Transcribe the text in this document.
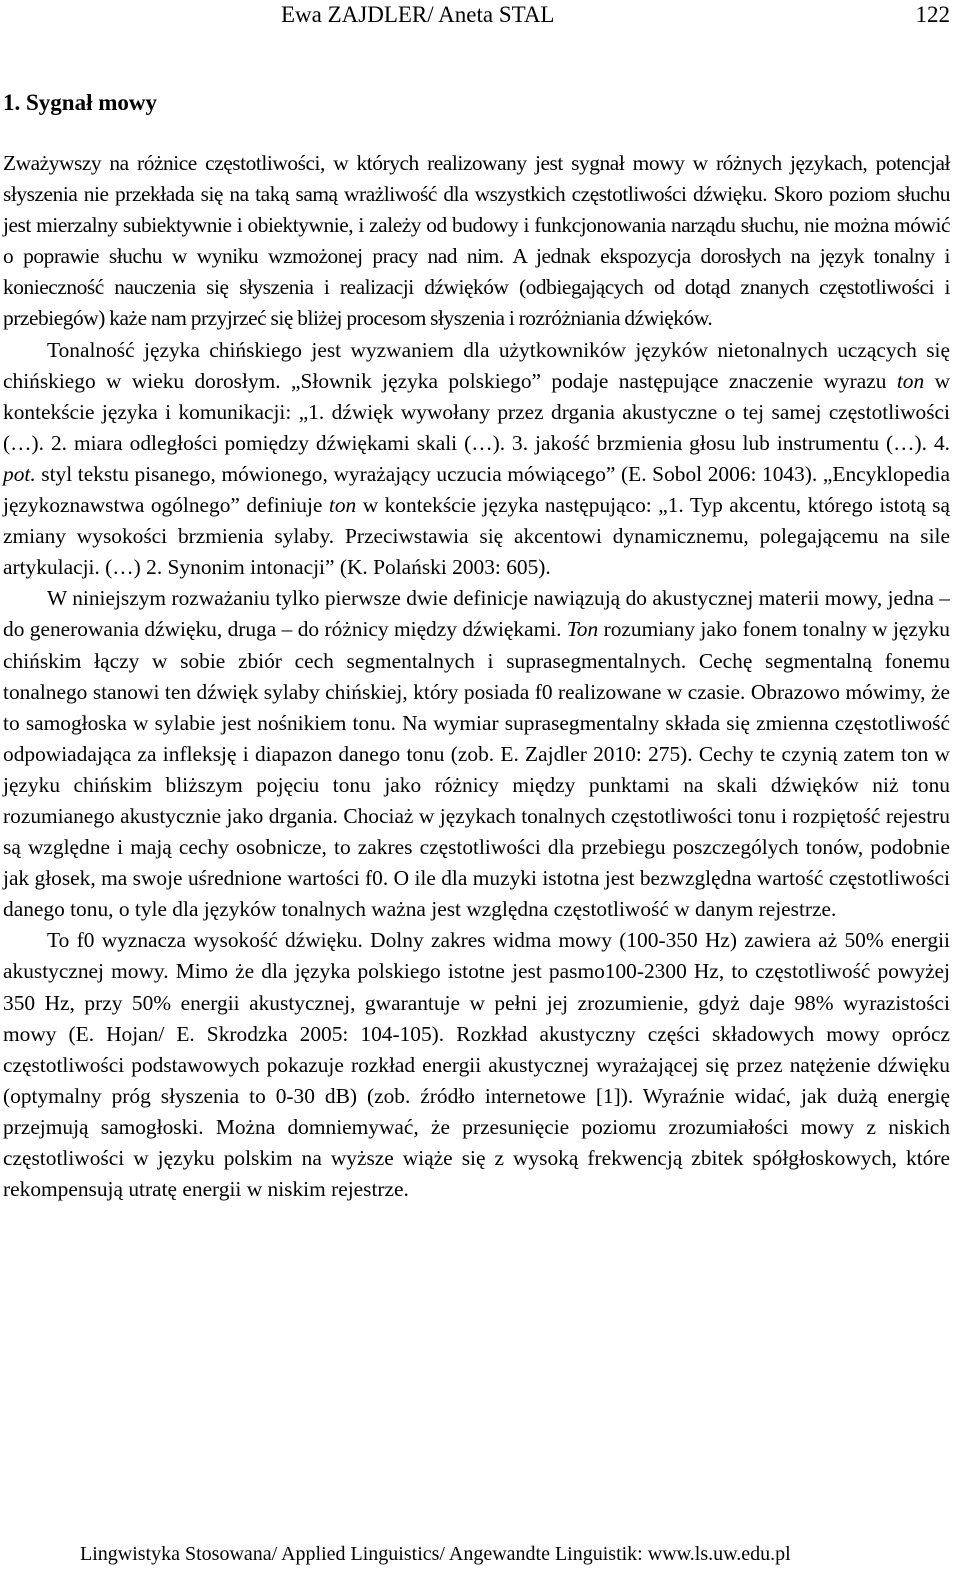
Ewa ZAJDLER/ Aneta STAL	122
1. Sygnał mowy

Zważywszy na różnice częstotliwości, w których realizowany jest sygnał mowy w różnych językach, potencjał słyszenia nie przekłada się na taką samą wrażliwość dla wszystkich częstotliwości dźwięku. Skoro poziom słuchu jest mierzalny subiektywnie i obiektywnie, i zależy od budowy i funkcjonowania narządu słuchu, nie można mówić o poprawie słuchu w wyniku wzmożonej pracy nad nim. A jednak ekspozycja dorosłych na język tonalny i konieczność nauczenia się słyszenia i realizacji dźwięków (odbiegających od dotąd znanych częstotliwości i przebiegów) każe nam przyjrzeć się bliżej procesom słyszenia i rozróżniania dźwięków.

Tonalność języka chińskiego jest wyzwaniem dla użytkowników języków nietonalnych uczących się chińskiego w wieku dorosłym. „Słownik języka polskiego” podaje następujące znaczenie wyrazu ton w kontekście języka i komunikacji: „1. dźwięk wywołany przez drgania akustyczne o tej samej częstotliwości (…). 2. miara odległości pomiędzy dźwiękami skali (…). 3. jakość brzmienia głosu lub instrumentu (…). 4. pot. styl tekstu pisanego, mówionego, wyrażający uczucia mówiącego” (E. Sobol 2006: 1043). „Encyklopedia językoznawstwa ogólnego” definiuje ton w kontekście języka następująco: „1. Typ akcentu, którego istotą są zmiany wysokości brzmienia sylaby. Przeciwstawia się akcentowi dynamicznemu, polegającemu na sile artykulacji. (…) 2. Synonim intonacji” (K. Polański 2003: 605).

W niniejszym rozważaniu tylko pierwsze dwie definicje nawiązują do akustycznej materii mowy, jedna – do generowania dźwięku, druga – do różnicy między dźwiękami. Ton rozumiany jako fonem tonalny w języku chińskim łączy w sobie zbiór cech segmentalnych i suprasegmentalnych. Cechę segmentalną fonemu tonalnego stanowi ten dźwięk sylaby chińskiej, który posiada f0 realizowane w czasie. Obrazowo mówimy, że to samogłoska w sylabie jest nośnikiem tonu. Na wymiar suprasegmentalny składa się zmienna częstotliwość odpowiadająca za infleksję i diapazon danego tonu (zob. E. Zajdler 2010: 275). Cechy te czynią zatem ton w języku chińskim bliższym pojęciu tonu jako różnicy między punktami na skali dźwięków niż tonu rozumianego akustycznie jako drgania. Chociaż w językach tonalnych częstotliwości tonu i rozpiętość rejestru są względne i mają cechy osobnicze, to zakres częstotliwości dla przebiegu poszczególych tonów, podobnie jak głosek, ma swoje uśrednione wartości f0. O ile dla muzyki istotna jest bezwzględna wartość częstotliwości danego tonu, o tyle dla języków tonalnych ważna jest względna częstotliwość w danym rejestrze.

To f0 wyznacza wysokość dźwięku. Dolny zakres widma mowy (100-350 Hz) zawiera aż 50% energii akustycznej mowy. Mimo że dla języka polskiego istotne jest pasmo100-2300 Hz, to częstotliwość powyżej 350 Hz, przy 50% energii akustycznej, gwarantuje w pełni jej zrozumienie, gdyż daje 98% wyrazistości mowy (E. Hojan/ E. Skrodzka 2005: 104-105). Rozkład akustyczny części składowych mowy oprócz częstotliwości podstawowych pokazuje rozkład energii akustycznej wyrażającej się przez natężenie dźwięku (optymalny próg słyszenia to 0-30 dB) (zob. źródło internetowe [1]). Wyraźnie widać, jak dużą energię przejmują samogłoski. Można domniemywać, że przesunięcie poziomu zrozumiałości mowy z niskich częstotliwości w języku polskim na wyższe wiąże się z wysoką frekwencją zbitek spółgłoskowych, które rekompensują utratę energii w niskim rejestrze.

Lingwistyka Stosowana/ Applied Linguistics/ Angewandte Linguistik: www.ls.uw.edu.pl
